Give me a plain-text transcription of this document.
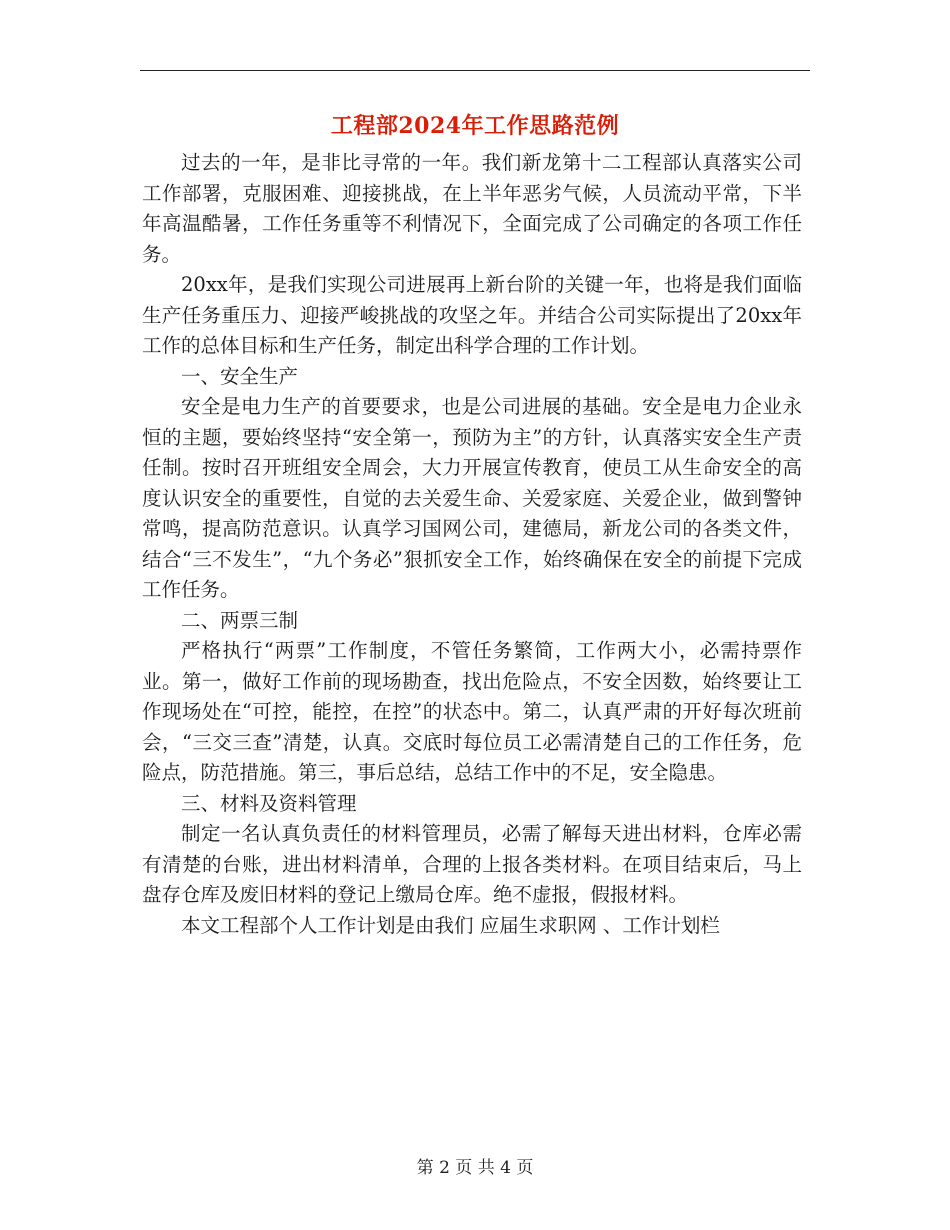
工程部2024年工作思路范例

过去的一年，是非比寻常的一年。我们新龙第十二工程部认真落实公司工作部署，克服困难、迎接挑战，在上半年恶劣气候，人员流动平常，下半年高温酷暑，工作任务重等不利情况下，全面完成了公司确定的各项工作任务。

20xx年，是我们实现公司进展再上新台阶的关键一年，也将是我们面临生产任务重压力、迎接严峻挑战的攻坚之年。并结合公司实际提出了20xx年工作的总体目标和生产任务，制定出科学合理的工作计划。

一、安全生产

安全是电力生产的首要要求，也是公司进展的基础。安全是电力企业永恒的主题，要始终坚持“安全第一，预防为主”的方针，认真落实安全生产责任制。按时召开班组安全周会，大力开展宣传教育，使员工从生命安全的高度认识安全的重要性，自觉的去关爱生命、关爱家庭、关爱企业，做到警钟常鸣，提高防范意识。认真学习国网公司，建德局，新龙公司的各类文件，结合“三不发生”，“九个务必”狠抓安全工作，始终确保在安全的前提下完成工作任务。

二、两票三制

严格执行“两票”工作制度，不管任务繁简，工作两大小，必需持票作业。第一，做好工作前的现场勘查，找出危险点，不安全因数，始终要让工作现场处在“可控，能控，在控”的状态中。第二，认真严肃的开好每次班前会，“三交三查”清楚，认真。交底时每位员工必需清楚自己的工作任务，危险点，防范措施。第三，事后总结，总结工作中的不足，安全隐患。

三、材料及资料管理

制定一名认真负责任的材料管理员，必需了解每天进出材料，仓库必需有清楚的台账，进出材料清单，合理的上报各类材料。在项目结束后，马上盘存仓库及废旧材料的登记上缴局仓库。绝不虚报，假报材料。

本文工程部个人工作计划是由我们 应届生求职网 、工作计划栏

第 2 页 共 4 页
